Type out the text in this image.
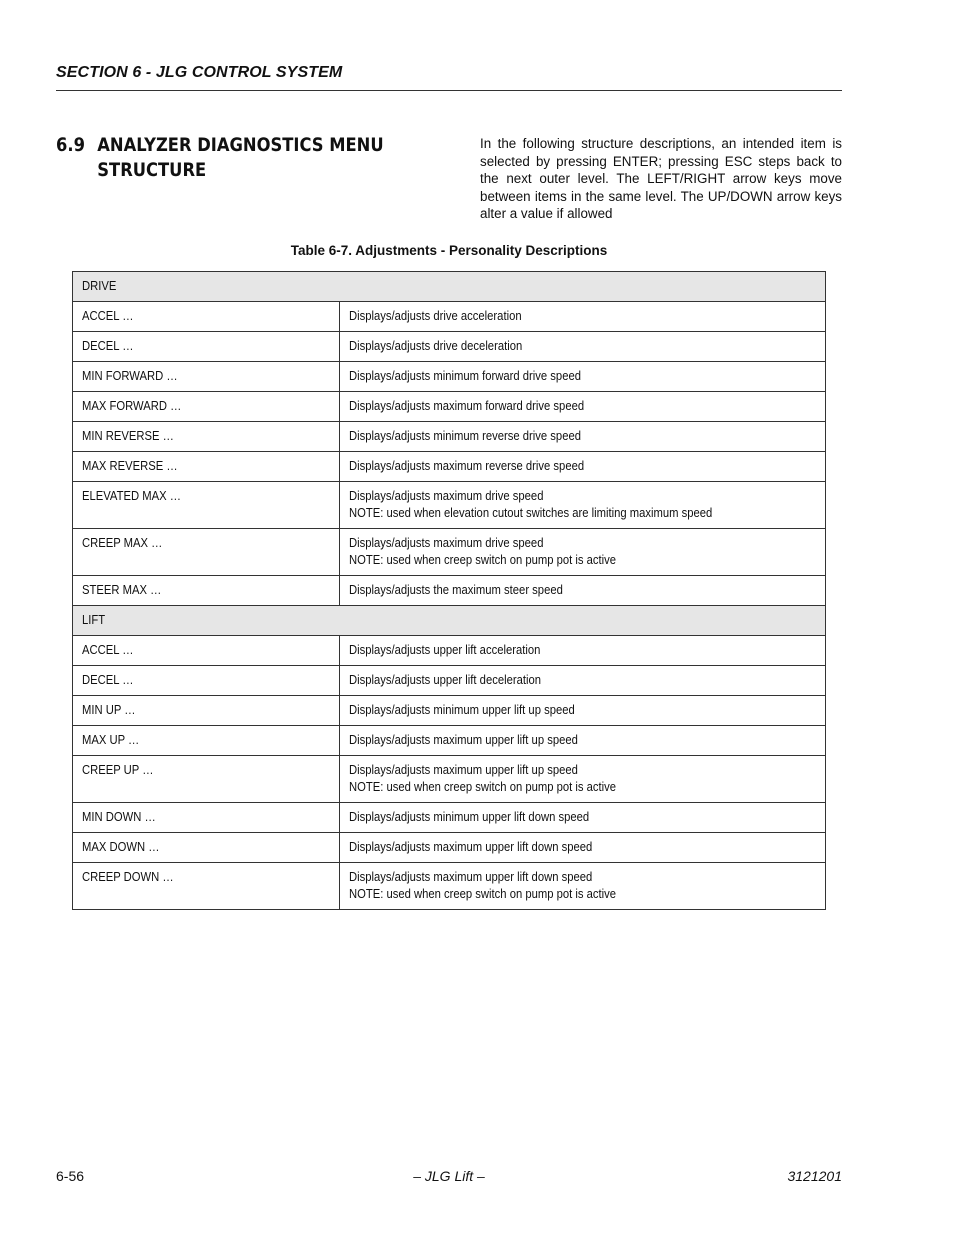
SECTION 6 - JLG CONTROL SYSTEM
6.9 ANALYZER DIAGNOSTICS MENU
STRUCTURE
In the following structure descriptions, an intended item is selected by pressing ENTER; pressing ESC steps back to the next outer level. The LEFT/RIGHT arrow keys move between items in the same level. The UP/DOWN arrow keys alter a value if allowed
Table 6-7. Adjustments - Personality Descriptions
DRIVE	
ACCEL …	Displays/adjusts drive acceleration
DECEL …	Displays/adjusts drive deceleration
MIN FORWARD …	Displays/adjusts minimum forward drive speed
MAX FORWARD …	Displays/adjusts maximum forward drive speed
MIN REVERSE …	Displays/adjusts minimum reverse drive speed
MAX REVERSE …	Displays/adjusts maximum reverse drive speed
ELEVATED MAX …	Displays/adjusts maximum drive speedNOTE: used when elevation cutout switches are limiting maximum speed
CREEP MAX …	Displays/adjusts maximum drive speedNOTE: used when creep switch on pump pot is active
STEER MAX …	Displays/adjusts the maximum steer speed
LIFT	
ACCEL …	Displays/adjusts upper lift acceleration
DECEL …	Displays/adjusts upper lift deceleration
MIN UP …	Displays/adjusts minimum upper lift up speed
MAX UP …	Displays/adjusts maximum upper lift up speed
CREEP UP …	Displays/adjusts maximum upper lift up speedNOTE: used when creep switch on pump pot is active
MIN DOWN …	Displays/adjusts minimum upper lift down speed
MAX DOWN …	Displays/adjusts maximum upper lift down speed
CREEP DOWN …	Displays/adjusts maximum upper lift down speedNOTE: used when creep switch on pump pot is active
6-56	– JLG Lift –	3121201
